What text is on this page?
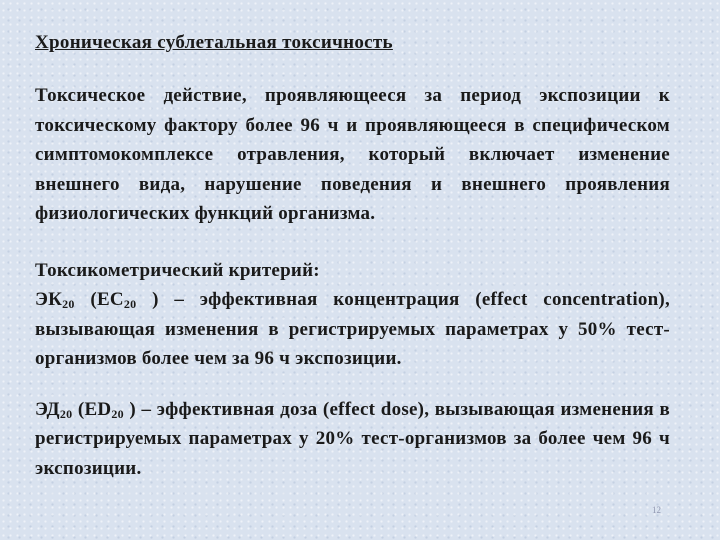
Хроническая сублетальная токсичность

Токсическое действие, проявляющееся за период экспозиции к токсическому фактору более 96 ч и проявляющееся в специфическом симптомокомплексе отравления, который включает изменение внешнего вида, нарушение поведения и внешнего проявления физиологических функций организма.

Токсикометрический критерий:

$ЭК_{20}$ ($EC_{20}$ ) – эффективная концентрация (effect concentration), вызывающая изменения в регистрируемых параметрах у 50% тест-организмов более чем за 96 ч экспозиции.

$ЭД_{20}$ ($ED_{20}$ ) – эффективная доза (effect dose), вызывающая изменения в регистрируемых параметрах у 20% тест-организмов за более чем 96 ч экспозиции.

12
